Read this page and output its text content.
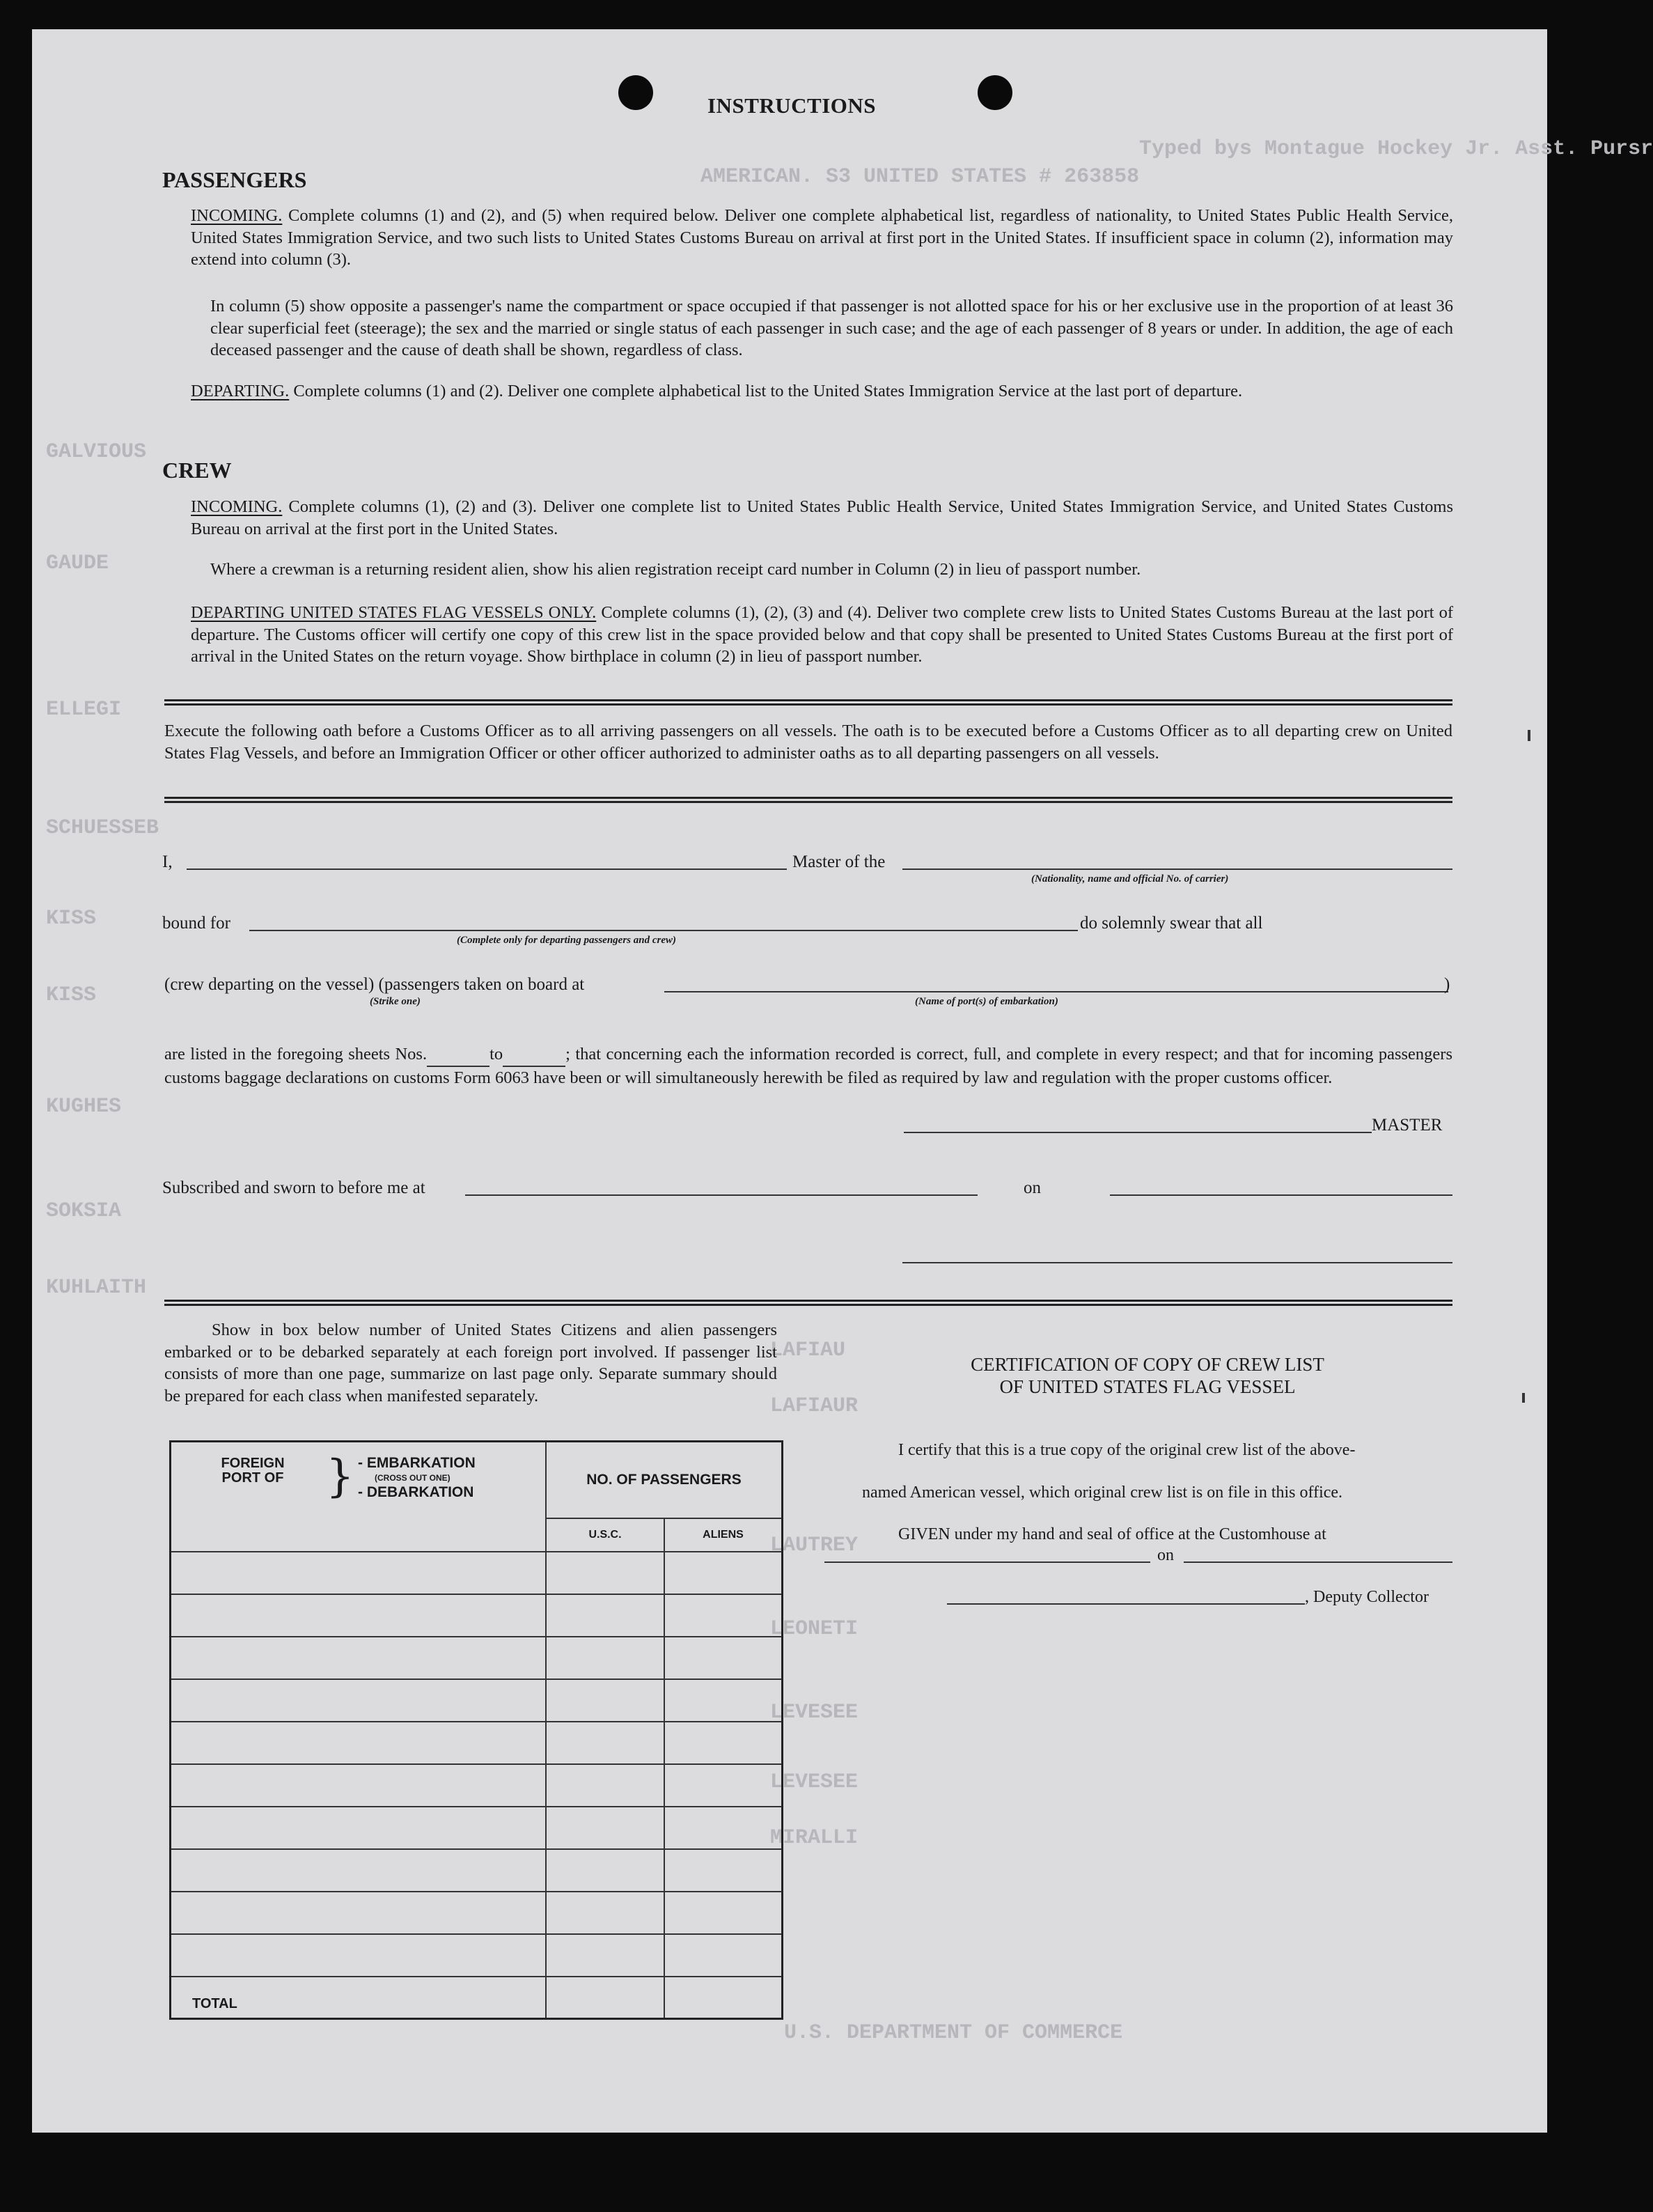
Typed bys Montague Hockey Jr. Asst. Pursr
AMERICAN. S3 UNITED STATES # 263858
GALVIOUS
GAUDE
ELLEGI
SCHUESSEB
KISS
KISS
KUGHES
SOKSIA
KUHLAITH
LAFIAU
LAFIAUR
LAUTREY
LEONETI
LEVESEE
LEVESEE
MIRALLI
U.S. DEPARTMENT OF COMMERCE
INSTRUCTIONS
PASSENGERS
INCOMING. Complete columns (1) and (2), and (5) when required below. Deliver one complete alphabetical list, regardless of nationality, to United States Public Health Service, United States Immigration Service, and two such lists to United States Customs Bureau on arrival at first port in the United States. If insufficient space in column (2), information may extend into column (3).
In column (5) show opposite a passenger's name the compartment or space occupied if that passenger is not allotted space for his or her exclusive use in the proportion of at least 36 clear superficial feet (steerage); the sex and the married or single status of each passenger in such case; and the age of each passenger of 8 years or under. In addition, the age of each deceased passenger and the cause of death shall be shown, regardless of class.
DEPARTING. Complete columns (1) and (2). Deliver one complete alphabetical list to the United States Immigration Service at the last port of departure.
CREW
INCOMING. Complete columns (1), (2) and (3). Deliver one complete list to United States Public Health Service, United States Immigration Service, and United States Customs Bureau on arrival at the first port in the United States.
Where a crewman is a returning resident alien, show his alien registration receipt card number in Column (2) in lieu of passport number.
DEPARTING UNITED STATES FLAG VESSELS ONLY. Complete columns (1), (2), (3) and (4). Deliver two complete crew lists to United States Customs Bureau at the last port of departure. The Customs officer will certify one copy of this crew list in the space provided below and that copy shall be presented to United States Customs Bureau at the first port of arrival in the United States on the return voyage. Show birthplace in column (2) in lieu of passport number.
Execute the following oath before a Customs Officer as to all arriving passengers on all vessels. The oath is to be executed before a Customs Officer as to all departing crew on United States Flag Vessels, and before an Immigration Officer or other officer authorized to administer oaths as to all departing passengers on all vessels.
I,	Master of the
(Nationality, name and official No. of carrier)
bound for
(Complete only for departing passengers and crew)
do solemnly swear that all
(crew departing on the vessel) (passengers taken on board at	)
(Strike one)	(Name of port(s) of embarkation)
are listed in the foregoing sheets Nos.	to	; that concerning each the information recorded is correct, full, and complete in every respect; and that for incoming passengers customs baggage declarations on customs Form 6063 have been or will simultaneously herewith be filed as required by law and regulation with the proper customs officer.
MASTER
Subscribed and sworn to before me at	on
Show in box below number of United States Citizens and alien passengers embarked or to be debarked separately at each foreign port involved. If passenger list consists of more than one page, summarize on last page only. Separate summary should be prepared for each class when manifested separately.
FOREIGN PORT OF } - EMBARKATION
(CROSS OUT ONE)
- DEBARKATION	NO. OF PASSENGERS	
	U.S.C.	ALIENS

TOTAL		
CERTIFICATION OF COPY OF CREW LIST
OF UNITED STATES FLAG VESSEL
I certify that this is a true copy of the original crew list of the above-
named American vessel, which original crew list is on file in this office.
GIVEN under my hand and seal of office at the Customhouse at
on
, Deputy Collector
